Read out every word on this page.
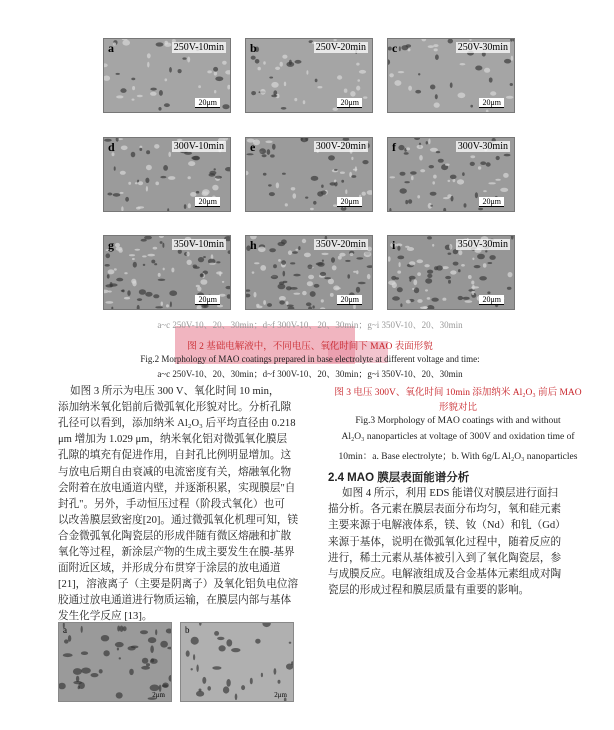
a	250V-10min
20μm
b	250V-20min
20μm
c	250V-30min
20μm
d	300V-10min
20μm
e	300V-20min
20μm
f	300V-30min
20μm
g	350V-10min
20μm
h	350V-20min
20μm
i	350V-30min
20μm
a~c 250V-10、20、30min；d~f 300V-10、20、30min；g~i 350V-10、20、30min
图 2 基础电解液中，不同电压、氧化时间下 MAO 表面形貌
Fig.2 Morphology of MAO coatings prepared in base electrolyte at different voltage and time:
a~c 250V-10、20、30min；d~f 300V-10、20、30min；g~i 350V-10、20、30min
如图 3 所示为电压 300 V、氧化时间 10 min，
添加纳米氧化铝前后微弧氧化形貌对比。分析孔隙
孔径可以看到，添加纳米 Al₂O₃ 后平均直径由 0.218
μm 增加为 1.029 μm，纳米氧化铝对微弧氧化膜层
孔隙的填充有促进作用，自封孔比例明显增加。这
与放电后期自由衰减的电流密度有关，熔融氧化物
会附着在放电通道内壁，并逐渐积累，实现膜层"自
封孔"。另外，手动恒压过程（阶段式氧化）也可
以改善膜层致密度[20]。通过微弧氧化机理可知，镁
合金微弧氧化陶瓷层的形成伴随有微区熔融和扩散
氧化等过程，新涂层产物的生成主要发生在膜-基界
面附近区域，并形成分布贯穿于涂层的放电通道
[21]，溶液离子（主要是阴离子）及氧化铝负电位溶
胶通过放电通道进行物质运输，在膜层内部与基体
发生化学反应 [13]。
图 3 电压 300V、氧化时间 10min 添加纳米 Al₂O₃ 前后 MAO
形貌对比
Fig.3 Morphology of MAO coatings with and without
Al₂O₃ nanoparticles at voltage of 300V and oxidation time of
10min：a. Base electrolyte；b. With 6g/L Al₂O₃ nanoparticles
2.4 MAO 膜层表面能谱分析
如图 4 所示，利用 EDS 能谱仪对膜层进行面扫
描分析。各元素在膜层表面分布均匀，氧和硅元素
主要来源于电解液体系，镁、钕（Nd）和钆（Gd）
来源于基体，说明在微弧氧化过程中，随着反应的
进行，稀土元素从基体被引入到了氧化陶瓷层，参
与成膜反应。电解液组成及合金基体元素组成对陶
瓷层的形成过程和膜层质量有重要的影响。
a
2μm
b
2μm
